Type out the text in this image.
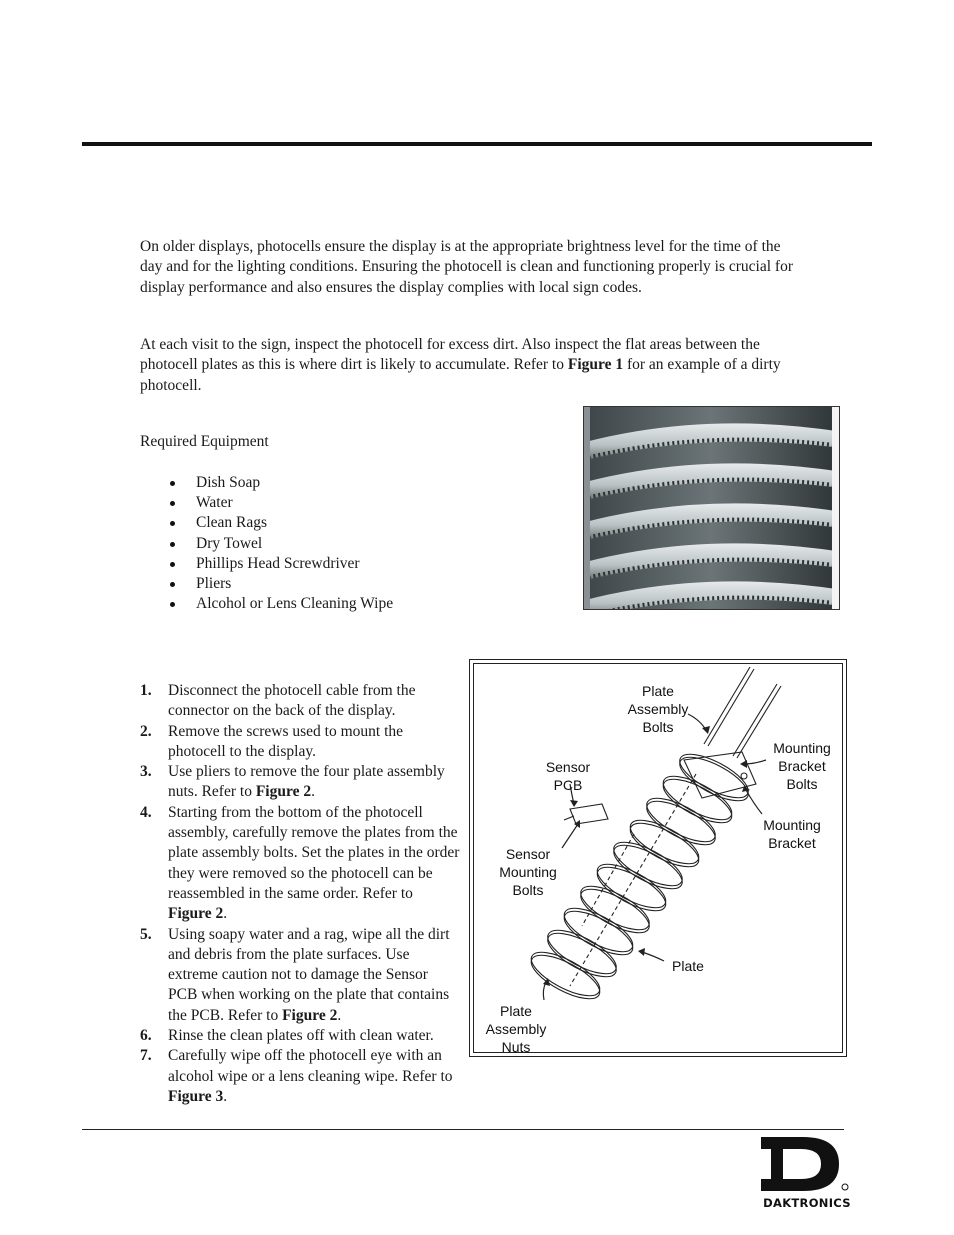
On older displays, photocells ensure the display is at the appropriate brightness level for the time of the
day and for the lighting conditions. Ensuring the photocell is clean and functioning properly is crucial for
display performance and also ensures the display complies with local sign codes.
At each visit to the sign, inspect the photocell for excess dirt. Also inspect the flat areas between the
photocell plates as this is where dirt is likely to accumulate. Refer to Figure 1 for an example of a dirty
photocell.
Required Equipment
Dish Soap
Water
Clean Rags
Dry Towel
Phillips Head Screwdriver
Pliers
Alcohol or Lens Cleaning Wipe
1. Disconnect the photocell cable from the connector on the back of the display.
2. Remove the screws used to mount the photocell to the display.
3. Use pliers to remove the four plate assembly nuts. Refer to Figure 2.
4. Starting from the bottom of the photocell assembly, carefully remove the plates from the plate assembly bolts. Set the plates in the order they were removed so the photocell can be reassembled in the same order. Refer to Figure 2.
5. Using soapy water and a rag, wipe all the dirt and debris from the plate surfaces. Use extreme caution not to damage the Sensor PCB when working on the plate that contains the PCB. Refer to Figure 2.
6. Rinse the clean plates off with clean water.
7. Carefully wipe off the photocell eye with an alcohol wipe or a lens cleaning wipe. Refer to Figure 3.
Plate
Assembly
Bolts
Sensor
PCB
Mounting
Bracket
Bolts
Mounting
Bracket
Sensor
Mounting
Bolts
Plate
Plate
Assembly
Nuts
DAKTRONICS
